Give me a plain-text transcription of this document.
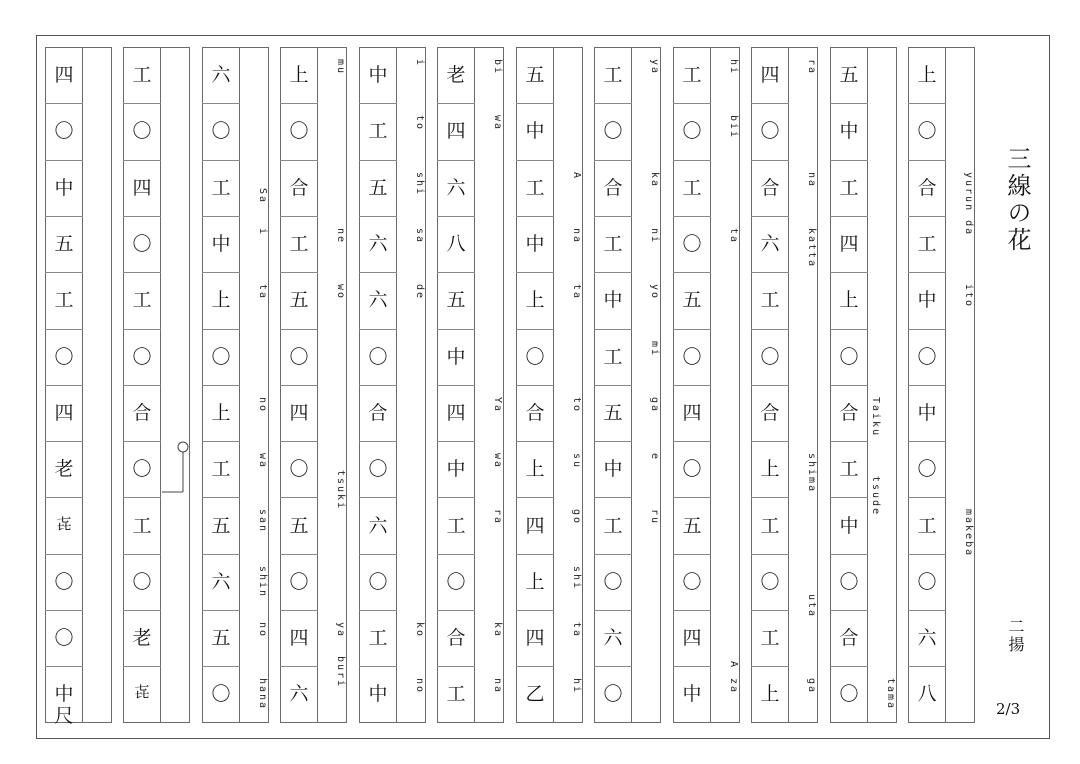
上
〇
合
工
中
〇
中
〇
工
〇
六
八
yurun da
ito
makeba
五
中
工
四
上
〇
合
工
中
〇
合
〇
Taiku
tsude
tama
四
〇
合
六
工
〇
合
上
工
〇
工
上
ra
na
katta
shima
uta
ga
工
〇
工
〇
五
〇
四
〇
五
〇
四
中
hi
bii
ta
A
za
工
〇
合
工
中
工
五
中
工
〇
六
〇
ya
ka
ni
yo
mi
ga
e
ru
五
中
工
中
上
〇
合
上
四
上
四
乙
A
na
ta
to
su
go
shi
ta
hi
老
四
六
八
五
中
四
中
工
〇
合
工
bi
wa
Ya
wa
ra
ka
na
中
工
五
六
六
〇
合
〇
六
〇
工
中
i
to
shi
sa
de
ko
no
上
〇
合
工
五
〇
四
〇
五
〇
四
六
mu
ne
wo
tsuki
ya
buri
六
〇
工
中
上
〇
上
工
五
六
五
〇
Sa
i
ta
no
wa
san
shin
no
hana
工
〇
四
〇
工
〇
合
〇
工
〇
老
㐂
四
〇
中
五
工
〇
四
老
㐂
〇
〇
中
尺
三線の花
二揚
2/3
